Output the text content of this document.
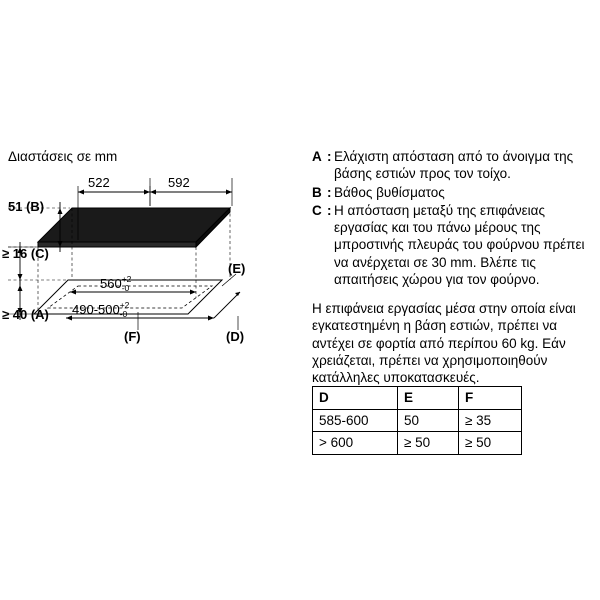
Διαστάσεις σε mm
522	592
51 (B)
≥ 16 (C)
≥ 40 (A)
560 +2
-0
490-500 +2
-0
(E)
(F)	(D)
A : Ελάχιστη απόσταση από το άνοιγμα της βάσης εστιών προς τον τοίχο.
B : Βάθος βυθίσματος
C : Η απόσταση μεταξύ της επιφάνειας εργασίας και του πάνω μέρους της μπροστινής πλευράς του φούρνου πρέπει να ανέρχεται σε 30 mm. Βλέπε τις απαιτήσεις χώρου για τον φούρνο.
Η επιφάνεια εργασίας μέσα στην οποία είναι εγκατεστημένη η βάση εστιών, πρέπει να αντέχει σε φορτία από περίπου 60 kg. Εάν χρειάζεται, πρέπει να χρησιμοποιηθούν κατάλληλες υποκατασκευές.
D	E	F
585-600	50	≥ 35
> 600	≥ 50	≥ 50
